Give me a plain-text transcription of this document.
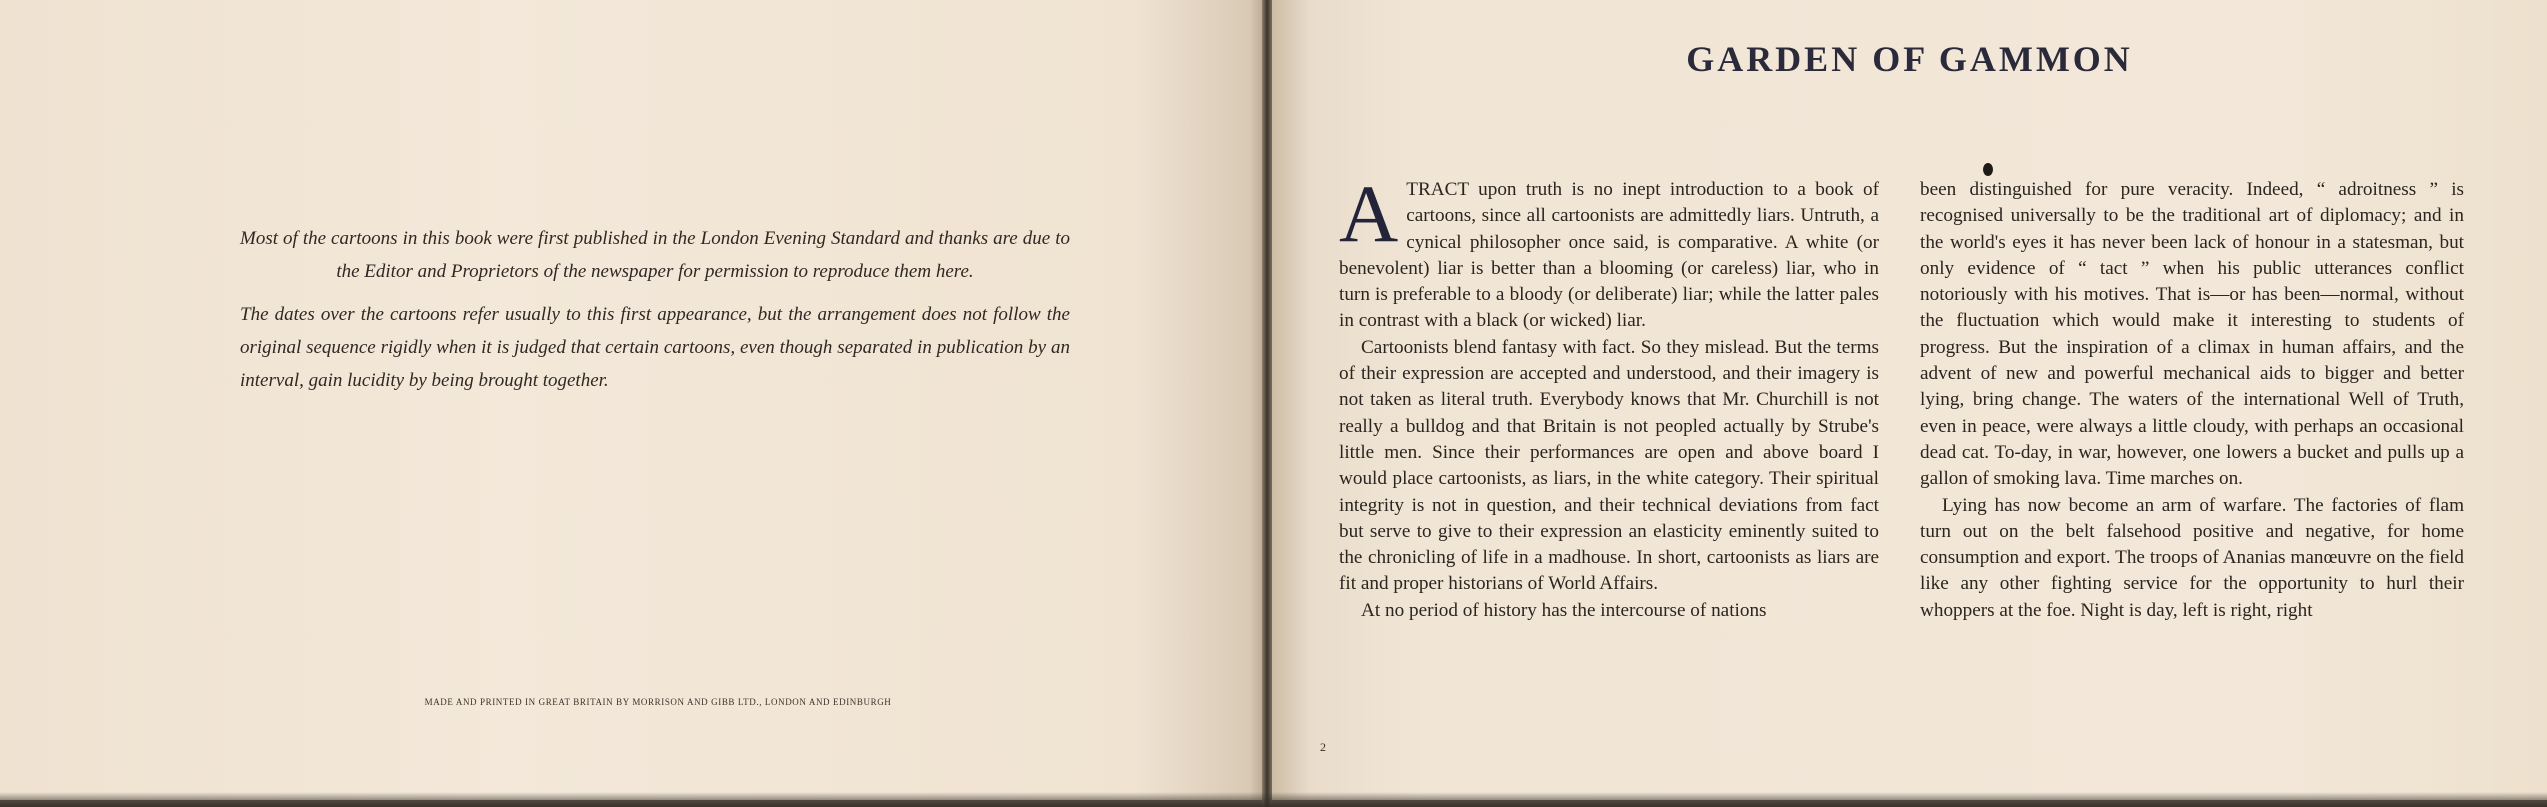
Most of the cartoons in this book were first published in the London Evening Standard and thanks are due to the Editor and Proprietors of the newspaper for permission to reproduce them here.

The dates over the cartoons refer usually to this first appearance, but the arrangement does not follow the original sequence rigidly when it is judged that certain cartoons, even though separated in publication by an interval, gain lucidity by being brought together.

MADE AND PRINTED IN GREAT BRITAIN BY MORRISON AND GIBB LTD., LONDON AND EDINBURGH
GARDEN OF GAMMON
A TRACT upon truth is no inept introduction to a book of cartoons, since all cartoonists are admittedly liars. Untruth, a cynical philosopher once said, is comparative. A white (or benevolent) liar is better than a blooming (or careless) liar, who in turn is preferable to a bloody (or deliberate) liar; while the latter pales in contrast with a black (or wicked) liar.

Cartoonists blend fantasy with fact. So they mislead. But the terms of their expression are accepted and understood, and their imagery is not taken as literal truth. Everybody knows that Mr. Churchill is not really a bulldog and that Britain is not peopled actually by Strube's little men. Since their performances are open and above board I would place cartoonists, as liars, in the white category. Their spiritual integrity is not in question, and their technical deviations from fact but serve to give to their expression an elasticity eminently suited to the chronicling of life in a madhouse. In short, cartoonists as liars are fit and proper historians of World Affairs.

At no period of history has the intercourse of nations

been distinguished for pure veracity. Indeed, “ adroitness ” is recognised universally to be the traditional art of diplomacy; and in the world's eyes it has never been lack of honour in a statesman, but only evidence of “ tact ” when his public utterances conflict notoriously with his motives. That is—or has been—normal, without the fluctuation which would make it interesting to students of progress. But the inspiration of a climax in human affairs, and the advent of new and powerful mechanical aids to bigger and better lying, bring change. The waters of the international Well of Truth, even in peace, were always a little cloudy, with perhaps an occasional dead cat. To-day, in war, however, one lowers a bucket and pulls up a gallon of smoking lava. Time marches on.

Lying has now become an arm of warfare. The factories of flam turn out on the belt falsehood positive and negative, for home consumption and export. The troops of Ananias manœuvre on the field like any other fighting service for the opportunity to hurl their whoppers at the foe. Night is day, left is right, right

2
